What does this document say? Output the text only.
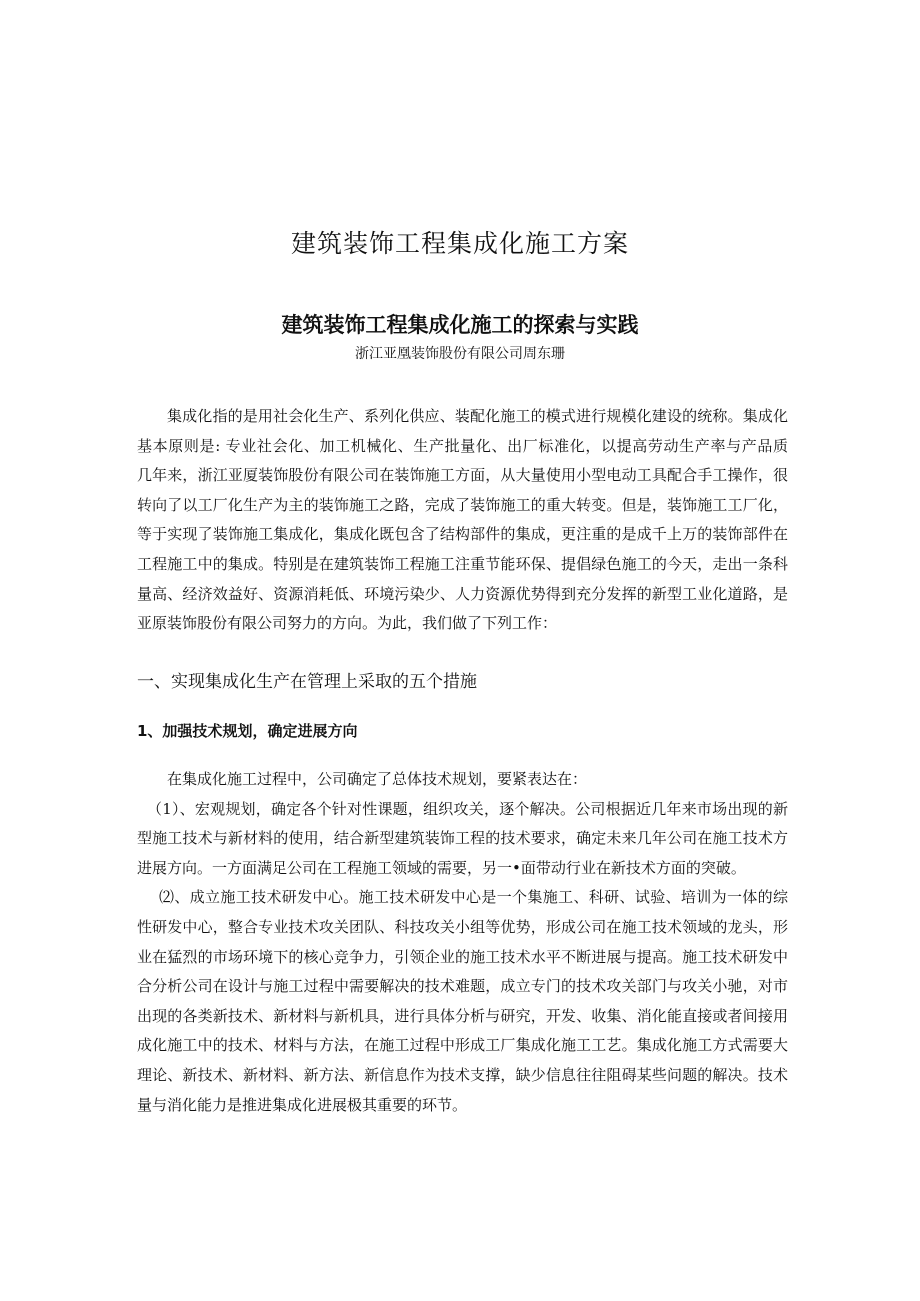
建筑装饰工程集成化施工方案
建筑装饰工程集成化施工的探索与实践
浙江亚凰装饰股份有限公司周东珊
集成化指的是用社会化生产、系列化供应、装配化施工的模式进行规模化建设的统称。集成化
基本原则是: 专业社会化、加工机械化、生产批量化、出厂标准化，以提高劳动生产率与产品质
几年来，浙江亚厦装饰股份有限公司在装饰施工方面，从大量使用小型电动工具配合手工操作，很
转向了以工厂化生产为主的装饰施工之路，完成了装饰施工的重大转变。但是，装饰施工工厂化，
等于实现了装饰施工集成化，集成化既包含了结构部件的集成，更注重的是成千上万的装饰部件在
工程施工中的集成。特别是在建筑装饰工程施工注重节能环保、提倡绿色施工的今天，走出一条科
量高、经济效益好、资源消耗低、环境污染少、人力资源优势得到充分发挥的新型工业化道路，是
亚原装饰股份有限公司努力的方向。为此，我们做了下列工作：
一、实现集成化生产在管理上采取的五个措施
1、加强技术规划，确定进展方向
在集成化施工过程中，公司确定了总体技术规划，要紧表达在：
（1）、宏观规划，确定各个针对性课题，组织攻关，逐个解决。公司根据近几年来市场出现的新
型施工技术与新材料的使用，结合新型建筑装饰工程的技术要求，确定未来几年公司在施工技术方
进展方向。一方面满足公司在工程施工领域的需要，另一•面带动行业在新技术方面的突破。
⑵、成立施工技术研发中心。施工技术研发中心是一个集施工、科研、试验、培训为一体的综
性研发中心，整合专业技术攻关团队、科技攻关小组等优势，形成公司在施工技术领域的龙头，形
业在猛烈的市场环境下的核心竞争力，引领企业的施工技术水平不断进展与提高。施工技术研发中
合分析公司在设计与施工过程中需要解决的技术难题，成立专门的技术攻关部门与攻关小驰，对市
出现的各类新技术、新材料与新机具，进行具体分析与研究，开发、收集、消化能直接或者间接用
成化施工中的技术、材料与方法，在施工过程中形成工厂集成化施工工艺。集成化施工方式需要大
理论、新技术、新材料、新方法、新信息作为技术支撑，缺少信息往往阻碍某些问题的解决。技术
量与消化能力是推进集成化进展极其重要的环节。
